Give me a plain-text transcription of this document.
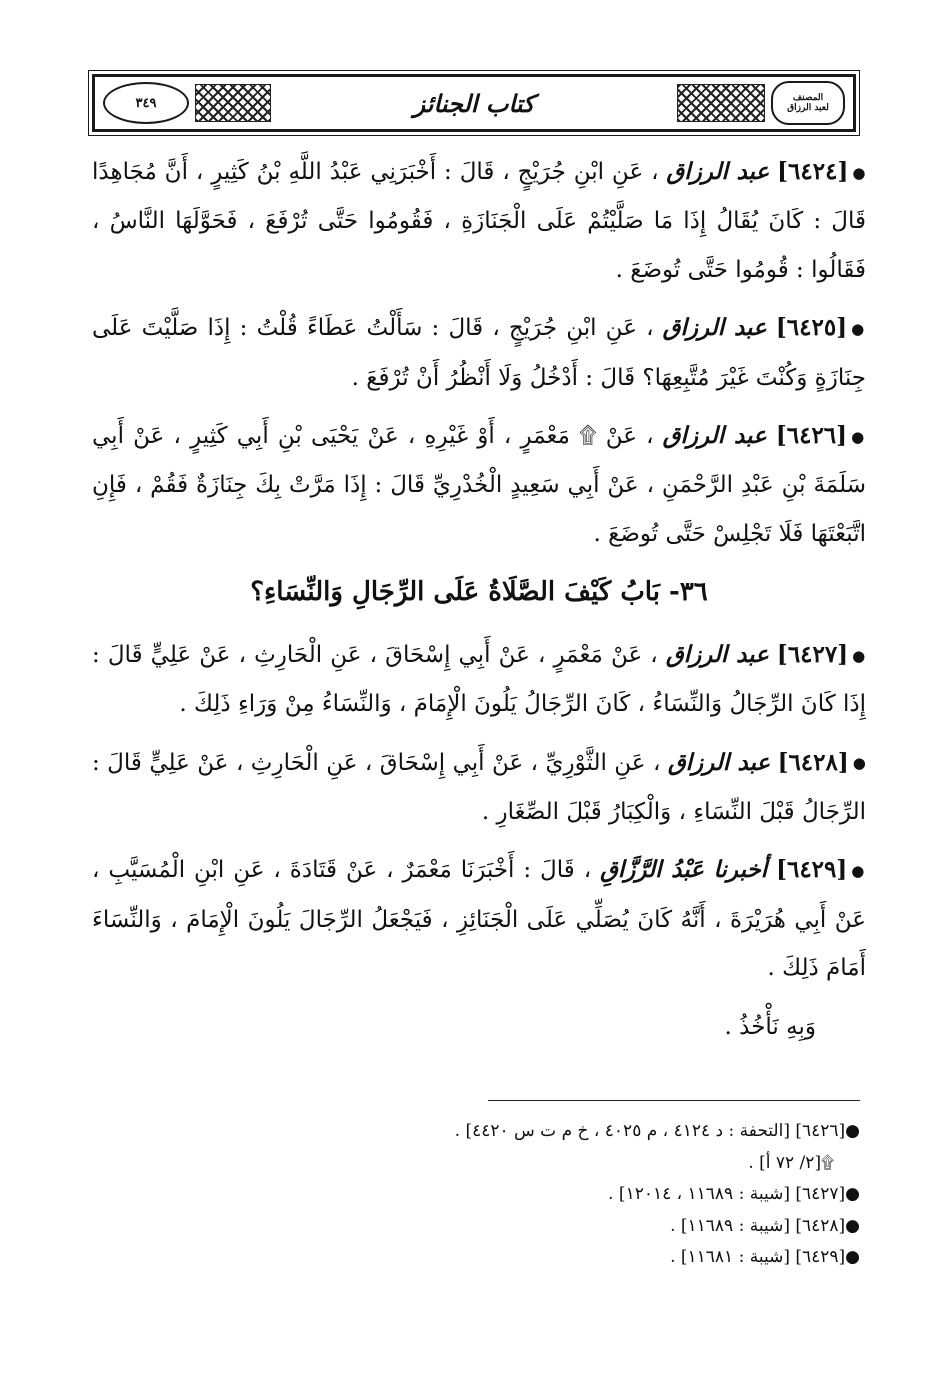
المصنف
لعبد الرزاق
كتاب الجنائز
٣٤٩

●[٦٤٢٤] عبد الرزاق ، عَنِ ابْنِ جُرَيْجٍ ، قَالَ : أَخْبَرَنِي عَبْدُ اللَّهِ بْنُ كَثِيرٍ ، أَنَّ مُجَاهِدًا قَالَ : كَانَ يُقَالُ إِذَا مَا صَلَّيْتُمْ عَلَى الْجَنَازَةِ ، فَقُومُوا حَتَّى تُرْفَعَ ، فَحَوَّلَهَا النَّاسُ ، فَقَالُوا : قُومُوا حَتَّى تُوضَعَ .

●[٦٤٢٥] عبد الرزاق ، عَنِ ابْنِ جُرَيْجٍ ، قَالَ : سَأَلْتُ عَطَاءً قُلْتُ : إِذَا صَلَّيْتَ عَلَى جِنَازَةٍ وَكُنْتَ غَيْرَ مُتَّبِعِهَا؟ قَالَ : أَدْخُلُ وَلَا أَنْظُرُ أَنْ تُرْفَعَ .

●[٦٤٢٦] عبد الرزاق ، عَنْ ۩ مَعْمَرٍ ، أَوْ غَيْرِهِ ، عَنْ يَحْيَى بْنِ أَبِي كَثِيرٍ ، عَنْ أَبِي سَلَمَةَ بْنِ عَبْدِ الرَّحْمَنِ ، عَنْ أَبِي سَعِيدٍ الْخُدْرِيِّ قَالَ : إِذَا مَرَّتْ بِكَ جِنَازَةٌ فَقُمْ ، فَإِنِ اتَّبَعْتَهَا فَلَا تَجْلِسْ حَتَّى تُوضَعَ .

٣٦- بَابُ كَيْفَ الصَّلَاةُ عَلَى الرِّجَالِ وَالنِّسَاءِ؟

●[٦٤٢٧] عبد الرزاق ، عَنْ مَعْمَرٍ ، عَنْ أَبِي إِسْحَاقَ ، عَنِ الْحَارِثِ ، عَنْ عَلِيٍّ قَالَ : إِذَا كَانَ الرِّجَالُ وَالنِّسَاءُ ، كَانَ الرِّجَالُ يَلُونَ الْإِمَامَ ، وَالنِّسَاءُ مِنْ وَرَاءِ ذَلِكَ .

●[٦٤٢٨] عبد الرزاق ، عَنِ الثَّوْرِيِّ ، عَنْ أَبِي إِسْحَاقَ ، عَنِ الْحَارِثِ ، عَنْ عَلِيٍّ قَالَ : الرِّجَالُ قَبْلَ النِّسَاءِ ، وَالْكِبَارُ قَبْلَ الصِّغَارِ .

●[٦٤٢٩] أخبرنا عَبْدُ الرَّزَّاقِ ، قَالَ : أَخْبَرَنَا مَعْمَرٌ ، عَنْ قَتَادَةَ ، عَنِ ابْنِ الْمُسَيَّبِ ، عَنْ أَبِي هُرَيْرَةَ ، أَنَّهُ كَانَ يُصَلِّي عَلَى الْجَنَائِزِ ، فَيَجْعَلُ الرِّجَالَ يَلُونَ الْإِمَامَ ، وَالنِّسَاءَ أَمَامَ ذَلِكَ .

وَبِهِ نَأْخُذُ .

●[٦٤٢٦] [التحفة : د ٤١٢٤ ، م ٤٠٢٥ ، خ م ت س ٤٤٢٠] .

۩[٢/ ٧٢ أ] .

●[٦٤٢٧] [شيبة : ١١٦٨٩ ، ١٢٠١٤] .

●[٦٤٢٨] [شيبة : ١١٦٨٩] .

●[٦٤٢٩] [شيبة : ١١٦٨١] .
